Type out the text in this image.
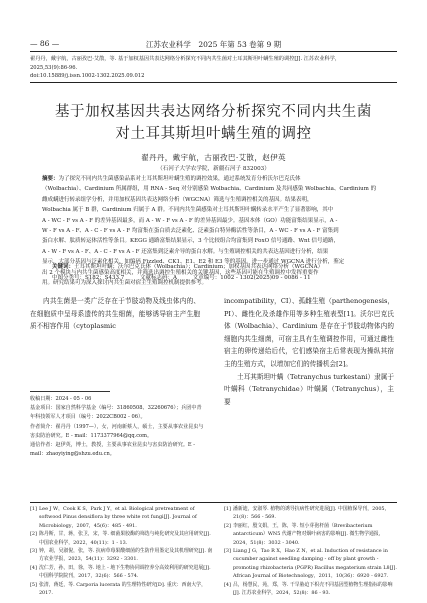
— 86 —	江苏农业科学　2025 年第 53 卷第 9 期
翟丹丹，戴宇航，古丽孜巴·艾散，等. 基于加权基因共表达网络分析探究不同内共生菌对土耳其斯坦叶螨生殖的调控[J]. 江苏农业科学，
2025,53(9):86-96.
doi:10.15889/j.issn.1002-1302.2025.09.012
基于加权基因共表达网络分析探究不同内共生菌
对土耳其斯坦叶螨生殖的调控
翟丹丹，戴宇航，古丽孜巴·艾散，赵伊英
（石河子大学农学院，新疆石河子 832003）
摘要：为了探究不同内共生菌感染品系对土耳其斯坦叶螨生殖的调控效果，通过系统发育分析沃尔巴克氏体
（Wolbachia）、Cardinium 所属群组，用 RNA - Seq 对分别感染 Wolbachia、Cardinium 及共同感染 Wolbachia、Cardinium 的
雌成螨进行转录组学分析，并用加权基因共表达网络分析（WGCNA）筛选与生殖调控相关的基因。结果表明，
Wolbachia 属于 B 群，Cardinium 归属于 A 群。不同内共生菌感染对土耳其斯坦叶螨转录水平产生了显著影响，其中
A - WC - F vs A - F 的差异基因最多，而 A - W - F vs A - F 的差异基因最少。基因本体（GO）功能富集结果显示，A -
W - F vs A - F、A - C - F vs A - F 均富集在蛋白质去泛素化、泛素蛋白特异酶活性等条目，A - WC - F vs A - F 富集到
蛋白水解、肽质转运体活性等条目。KEGG 通路富集结果显示，3 个比较组合均富集到 FoxO 信号通路、Wnt 信号通路，
A - W - F vs A - F、A - C - F vs A - F 还富集到泛素介导的蛋白水解。与生殖调控相关的共表达基因进行分析，结果
显示，大部分基因与泛素化相关，如编码 Fizzled、CK1、E1、E2 和 E3 等的基因。进一步通过 WGCNA 进行分析，鉴定
出 2 个模块与内共生菌感染高度相关，并筛选出调控生殖相关的关键基因，这些基因可能在生殖调控中发挥重要作
用。研究结果可为深入探讨内共生菌对宿主生殖调控机制提供参考。
关键词：土耳其斯坦叶螨；沃尔巴克氏体（Wolbachia）；Cardinium；加权基因共表达网络分析（WGCNA）
中图分类号：S182；S433.7	文献标志码：A	文章编号：1002 - 1302(2025)09 - 0086 - 11

内共生菌是一类广泛存在于节肢动物及线虫体内的、在细胞质中呈母系遗传的共生细菌，能够诱导宿主产生胞质不相容作用（cytoplasmic

incompatibility，CI）、孤雌生殖（parthenogenesis，PI）、雌性化及杀雄作用等多种生殖表型[1]。沃尔巴克氏体（Wolbachia）、Cardinium 是存在于节肢动物体内的细胞内共生细菌，可宿主具有生殖调控作用，可通过雌性宿主的卵传递给后代，它们感染宿主后常表现为操纵其宿主的生殖方式，以增加它们的传播机会[2]。

土耳其斯坦叶螨（Tetranychus turkestani）隶属于叶螨科（Tetranychidae）叶螨属（Tetranychus），主要

收稿日期：2024 - 05 - 06
基金项目：国家自然科学基金（编号：31860508、32260676）；兵团中青年科技领军人才项目（编号：2022CB002 - 06）。
作者简介：翟丹丹（1997—），女，河南新蔡人，硕士，主要从事农业昆虫与害虫防治研究。E - mail：1173377964@qq.com。
通信作者：赵伊英，博士，教授，主要从事农业昆虫与害虫防治研究。E - mail：zhaoyiying@shzu.edu.cn。
[1] Lee J W，Cook K S，Park J Y，et al. Biological pretreatment of softwood Pinus densiflora by three white rot fungi[J]. Journal of Microbiology，2007，45(6)：485 - 491.
[2] 陈丹斯，甘，蒋，张卫，宋，等. 细菌果胶酶的筛选与纯化研究及其应用研究[J]. 中国农业科学，2022，40(11)：1 - 13.
[3] 钟，胡，吴淑倪，张，等. 抗病草莓果酸细菌的生防作用鉴定及其机理研究[J]. 南方农业学报，2023，54(11)：3292 - 3301.
[4] 沈仁芳，孙，田，徐，等. 地上 - 地下生物协同调控养分高效利用的研究进展[J]. 中国科学院院刊，2017，32(6)：566 - 574.
[5] 张清，蒋廷，等. Carporia lucerata 的生理特性研究[D]. 重庆：西南大学，2017.
[1] 潘新迪，安淑琴. 植物的诱导抗病性研究进展[J]. 中国植保导刊，2005，21(8)：566 - 569.
[2] 李丽红，殷文娟，王，陈，等. 短小芽孢杆菌（Brevibacterium antarcticum）WN5 代谢产物对烟叶病害的影响[J]. 微生物学通报，2024，51(8)：3032 - 3040.
[3] Liang J G，Tao R X，Hao Z N，et al. Induction of resistance in cucumber against seedling damping - off by plant growth - promoting rhizobacteria (PGPR) Bacillus megaterium strain L8[J]. African Journal of Biotechnology，2011，10(36)：6920 - 6927.
[4] 吕，杨慧民，苑，郑，等. 干旱胁迫下枳壳不同基因型植物生理指标的影响[J]. 江苏农业科学，2024，52(8)：86 - 93.
